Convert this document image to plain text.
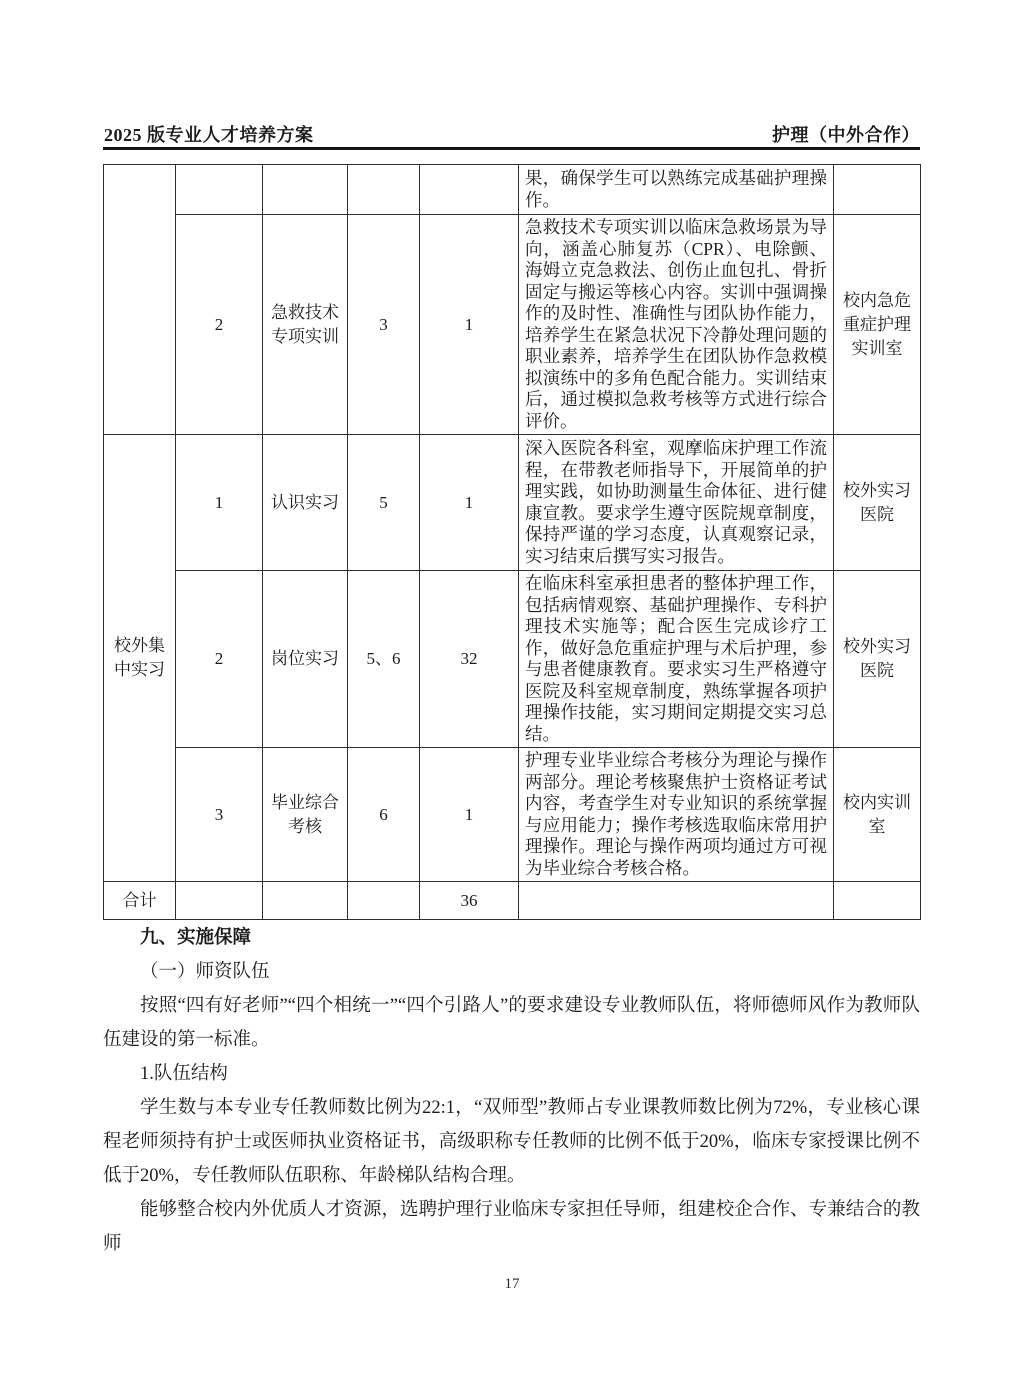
2025 版专业人才培养方案	护理（中外合作）
					果，确保学生可以熟练完成基础护理操作。	
	2	急救技术专项实训	3	1	急救技术专项实训以临床急救场景为导向，涵盖心肺复苏（CPR）、电除颤、海姆立克急救法、创伤止血包扎、骨折固定与搬运等核心内容。实训中强调操作的及时性、准确性与团队协作能力，培养学生在紧急状况下冷静处理问题的职业素养，培养学生在团队协作急救模拟演练中的多角色配合能力。实训结束后，通过模拟急救考核等方式进行综合评价。	校内急危重症护理实训室
校外集中实习	1	认识实习	5	1	深入医院各科室，观摩临床护理工作流程，在带教老师指导下，开展简单的护理实践，如协助测量生命体征、进行健康宣教。要求学生遵守医院规章制度，保持严谨的学习态度，认真观察记录，实习结束后撰写实习报告。	校外实习医院
	2	岗位实习	5、6	32	在临床科室承担患者的整体护理工作，包括病情观察、基础护理操作、专科护理技术实施等；配合医生完成诊疗工作，做好急危重症护理与术后护理，参与患者健康教育。要求实习生严格遵守医院及科室规章制度，熟练掌握各项护理操作技能，实习期间定期提交实习总结。	校外实习医院
	3	毕业综合考核	6	1	护理专业毕业综合考核分为理论与操作两部分。理论考核聚焦护士资格证考试内容，考查学生对专业知识的系统掌握与应用能力；操作考核选取临床常用护理操作。理论与操作两项均通过方可视为毕业综合考核合格。	校内实训室
合计				36		

九、实施保障

（一）师资队伍

按照“四有好老师”“四个相统一”“四个引路人”的要求建设专业教师队伍，将师德师风作为教师队伍建设的第一标准。

1.队伍结构

学生数与本专业专任教师数比例为22:1，“双师型”教师占专业课教师数比例为72%，专业核心课程老师须持有护士或医师执业资格证书，高级职称专任教师的比例不低于20%，临床专家授课比例不低于20%，专任教师队伍职称、年龄梯队结构合理。

能够整合校内外优质人才资源，选聘护理行业临床专家担任导师，组建校企合作、专兼结合的教师

17
